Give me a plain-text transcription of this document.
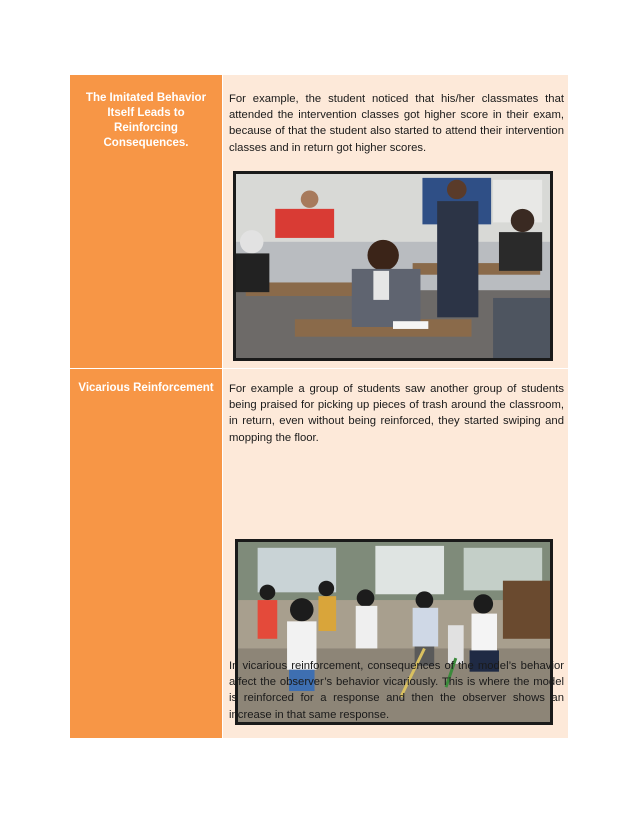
The Imitated Behavior Itself Leads to Reinforcing Consequences.
For example, the student noticed that his/her classmates that attended the intervention classes got higher score in their exam, because of that the student also started to attend their intervention classes and in return got higher scores.
Vicarious Reinforcement	For example a group of students saw another group of students being praised for picking up pieces of trash around the classroom, in return, even without being reinforced, they started swiping and mopping the floor.
In vicarious reinforcement, consequences of the model’s behavior affect the observer’s behavior vicariously. This is where the model is reinforced for a response and then the observer shows an increase in that same response.
